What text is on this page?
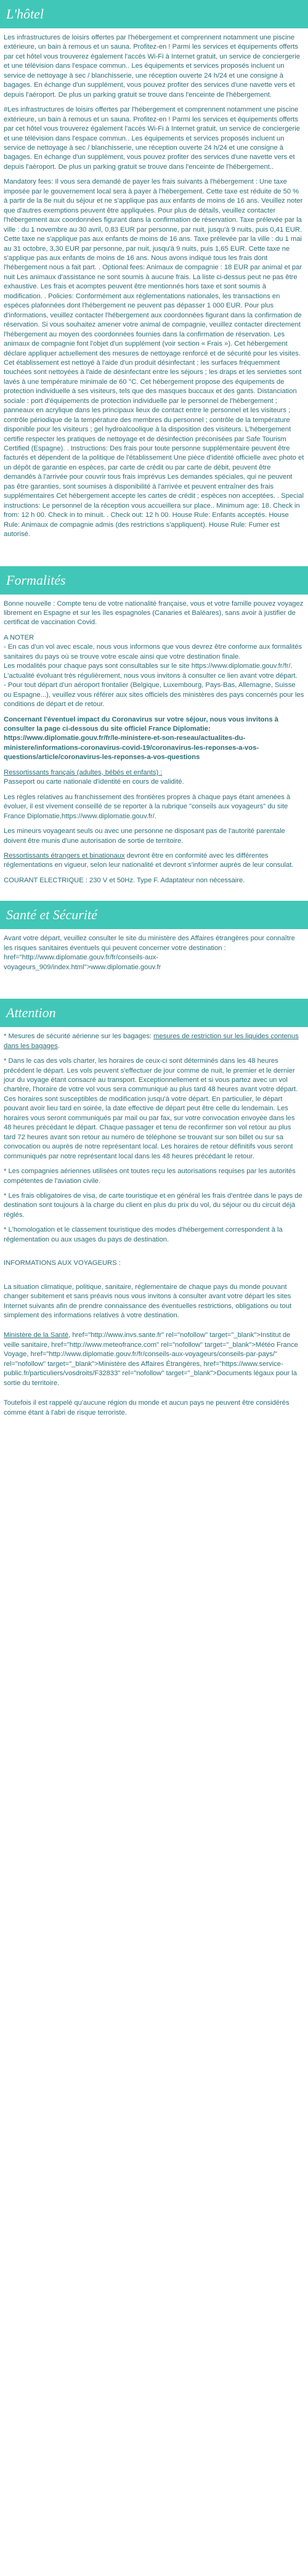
L'hôtel

Les infrastructures de loisirs offertes par l'hébergement et comprennent notamment une piscine extérieure, un bain à remous et un sauna. Profitez-en ! Parmi les services et équipements offerts par cet hôtel vous trouverez également l'accès Wi-Fi à Internet gratuit, un service de conciergerie et une télévision dans l'espace commun.. Les équipements et services proposés incluent un service de nettoyage à sec / blanchisserie, une réception ouverte 24 h/24 et une consigne à bagages. En échange d'un supplément, vous pouvez profiter des services d'une navette vers et depuis l'aéroport. De plus un parking gratuit se trouve dans l'enceinte de l'hébergement.

#Les infrastructures de loisirs offertes par l'hébergement et comprennent notamment une piscine extérieure, un bain à remous et un sauna. Profitez-en ! Parmi les services et équipements offerts par cet hôtel vous trouverez également l'accès Wi-Fi à Internet gratuit, un service de conciergerie et une télévision dans l'espace commun.. Les équipements et services proposés incluent un service de nettoyage à sec / blanchisserie, une réception ouverte 24 h/24 et une consigne à bagages. En échange d'un supplément, vous pouvez profiter des services d'une navette vers et depuis l'aéroport. De plus un parking gratuit se trouve dans l'enceinte de l'hébergement..

Mandatory fees: Il vous sera demandé de payer les frais suivants à l'hébergement : Une taxe imposée par le gouvernement local sera à payer à l'hébergement. Cette taxe est réduite de 50 % à partir de la 8e nuit du séjour et ne s'applique pas aux enfants de moins de 16 ans. Veuillez noter que d'autres exemptions peuvent être appliquées. Pour plus de détails, veuillez contacter l'hébergement aux coordonnées figurant dans la confirmation de réservation. Taxe prélevée par la ville : du 1 novembre au 30 avril, 0,83 EUR par personne, par nuit, jusqu'à 9 nuits, puis 0,41 EUR. Cette taxe ne s'applique pas aux enfants de moins de 16 ans. Taxe prélevée par la ville : du 1 mai au 31 octobre, 3,30 EUR par personne, par nuit, jusqu'à 9 nuits, puis 1,65 EUR. Cette taxe ne s'applique pas aux enfants de moins de 16 ans. Nous avons indiqué tous les frais dont l'hébergement nous a fait part. . Optional fees: Animaux de compagnie : 18 EUR par animal et par nuit Les animaux d'assistance ne sont soumis à aucune frais. La liste ci-dessus peut ne pas être exhaustive. Les frais et acomptes peuvent être mentionnés hors taxe et sont soumis à modification. . Policies: Conformément aux réglementations nationales, les transactions en espèces plafonnées dont l'hébergement ne peuvent pas dépasser 1 000 EUR. Pour plus d'informations, veuillez contacter l'hébergement aux coordonnées figurant dans la confirmation de réservation. Si vous souhaitez amener votre animal de compagnie, veuillez contacter directement l'hébergement au moyen des coordonnées fournies dans la confirmation de réservation. Les animaux de compagnie font l'objet d'un supplément (voir section « Frais »). Cet hébergement déclare appliquer actuellement des mesures de nettoyage renforcé et de sécurité pour les visites. Cet établissement est nettoyé à l'aide d'un produit désinfectant ; les surfaces fréquemment touchées sont nettoyées à l'aide de désinfectant entre les séjours ; les draps et les serviettes sont lavés à une température minimale de 60 °C. Cet hébergement propose des équipements de protection individuelle à ses visiteurs, tels que des masques buccaux et des gants. Distanciation sociale : port d'équipements de protection individuelle par le personnel de l'hébergement ; panneaux en acrylique dans les principaux lieux de contact entre le personnel et les visiteurs ; contrôle périodique de la température des membres du personnel ; contrôle de la température disponible pour les visiteurs ; gel hydroalcoolique à la disposition des visiteurs. L'hébergement certifie respecter les pratiques de nettoyage et de désinfection préconisées par Safe Tourism Certified (Espagne). . Instructions: Des frais pour toute personne supplémentaire peuvent être facturés et dépendent de la politique de l'établissement Une pièce d'identité officielle avec photo et un dépôt de garantie en espèces, par carte de crédit ou par carte de débit, peuvent être demandés à l'arrivée pour couvrir tous frais imprévus Les demandes spéciales, qui ne peuvent pas être garanties, sont soumises à disponibilité à l'arrivée et peuvent entraîner des frais supplémentaires Cet hébergement accepte les cartes de crédit ; espèces non acceptées. . Special instructions: Le personnel de la réception vous accueillera sur place.. Minimum age: 18. Check in from: 12 h 00. Check in to minuit. . Check out: 12 h 00. House Rule: Enfants acceptés. House Rule: Animaux de compagnie admis (des restrictions s'appliquent). House Rule: Fumer est autorisé.

Formalités

Bonne nouvelle : Compte tenu de votre nationalité française, vous et votre famille pouvez voyagez librement en Espagne et sur les îles espagnoles (Canaries et Baléares), sans avoir à justifier de certificat de vaccination Covid.

A NOTER
- En cas d'un vol avec escale, nous vous informons que vous devrez être conforme aux formalités sanitaires du pays où se trouve votre escale ainsi que votre destination finale.
Les modalités pour chaque pays sont consultables sur le site https://www.diplomatie.gouv.fr/fr/. L'actualité évoluant très régulièrement, nous vous invitons à consulter ce lien avant votre départ.

- Pour tout départ d'un aéroport frontalier (Belgique, Luxembourg, Pays-Bas, Allemagne, Suisse ou Espagne...), veuillez vous référer aux sites officiels des ministères des pays concernés pour les conditions de départ et de retour.

Concernant l'éventuel impact du Coronavirus sur votre séjour, nous vous invitons à consulter la page ci-dessous du site officiel France Diplomatie: https://www.diplomatie.gouv.fr/fr/le-ministere-et-son-reseau/actualites-du-ministere/informations-coronavirus-covid-19/coronavirus-les-reponses-a-vos-questions/article/coronavirus-les-reponses-a-vos-questions

Ressortissants français (adultes, bébés et enfants) :

Passeport ou carte nationale d'identité en cours de validité.

Les règles relatives au franchissement des frontières propres à chaque pays étant amenées à évoluer, il est vivement conseillé de se reporter à la rubrique "conseils aux voyageurs" du site France Diplomatie,https://www.diplomatie.gouv.fr/.

Les mineurs voyageant seuls ou avec une personne ne disposant pas de l'autorité parentale doivent être munis d'une autorisation de sortie de territoire.

Ressortissants étrangers et binationaux devront être en conformité avec les différentes réglementations en vigueur, selon leur nationalité et devront s'informer auprès de leur consulat.

COURANT ELECTRIQUE : 230 V et 50Hz. Type F. Adaptateur non nécessaire.

Santé et Sécurité

Avant votre départ, veuillez consulter le site du ministère des Affaires étrangères pour connaître les risques sanitaires éventuels qui peuvent concerner votre destination : href="http://www.diplomatie.gouv.fr/fr/conseils-aux-voyageurs_909/index.html">www.diplomatie.gouv.fr

Attention

* Mesures de sécurité aérienne sur les bagages: mesures de restriction sur les liquides contenus dans les bagages.

* Dans le cas des vols charter, les horaires de ceux-ci sont déterminés dans les 48 heures précédent le départ. Les vols peuvent s'effectuer de jour comme de nuit, le premier et le dernier jour du voyage étant consacré au transport. Exceptionnellement et si vous partez avec un vol chartère, l'horaire de votre vol vous sera communiqué au plus tard 48 heures avant votre départ. Ces horaires sont susceptibles de modification jusqu'à votre départ. En particulier, le départ pouvant avoir lieu tard en soirée, la date effective de départ peut être celle du lendemain. Les horaires vous seront communiqués par mail ou par fax, sur votre convocation envoyée dans les 48 heures précédant le départ. Chaque passager et tenu de reconfirmer son vol retour au plus tard 72 heures avant son retour au numéro de téléphone se trouvant sur son billet ou sur sa convocation ou auprès de notre représentant local. Les horaires de retour définitifs vous seront communiqués par notre représentant local dans les 48 heures précédant le retour.

* Les compagnies aériennes utilisées ont toutes reçu les autorisations requises par les autorités compétentes de l'aviation civile.

* Les frais obligatoires de visa, de carte touristique et en général les frais d'entrée dans le pays de destination sont toujours à la charge du client en plus du prix du vol, du séjour ou du circuit déjà réglés.

* L'homologation et le classement touristique des modes d'hébergement correspondent à la réglementation ou aux usages du pays de destination.

INFORMATIONS AUX VOYAGEURS :

La situation climatique, politique, sanitaire, réglementaire de chaque pays du monde pouvant changer subitement et sans préavis nous vous invitons à consulter avant votre départ les sites Internet suivants afin de prendre connaissance des éventuelles restrictions, obligations ou tout simplement des informations relatives à votre destination.

Ministère de la Santé, href="http://www.invs.sante.fr" rel="nofollow" target="_blank">Institut de veille sanitaire, href="http://www.meteofrance.com" rel="nofollow" target="_blank">Météo France Voyage, href="http://www.diplomatie.gouv.fr/fr/conseils-aux-voyageurs/conseils-par-pays/" rel="nofollow" target="_blank">Ministère des Affaires Étrangères, href="https://www.service-public.fr/particuliers/vosdroits/F32833" rel="nofollow" target="_blank">Documents légaux pour la sortie du territoire.

Toutefois il est rappelé qu'aucune région du monde et aucun pays ne peuvent être considérés comme étant à l'abri de risque terroriste.
